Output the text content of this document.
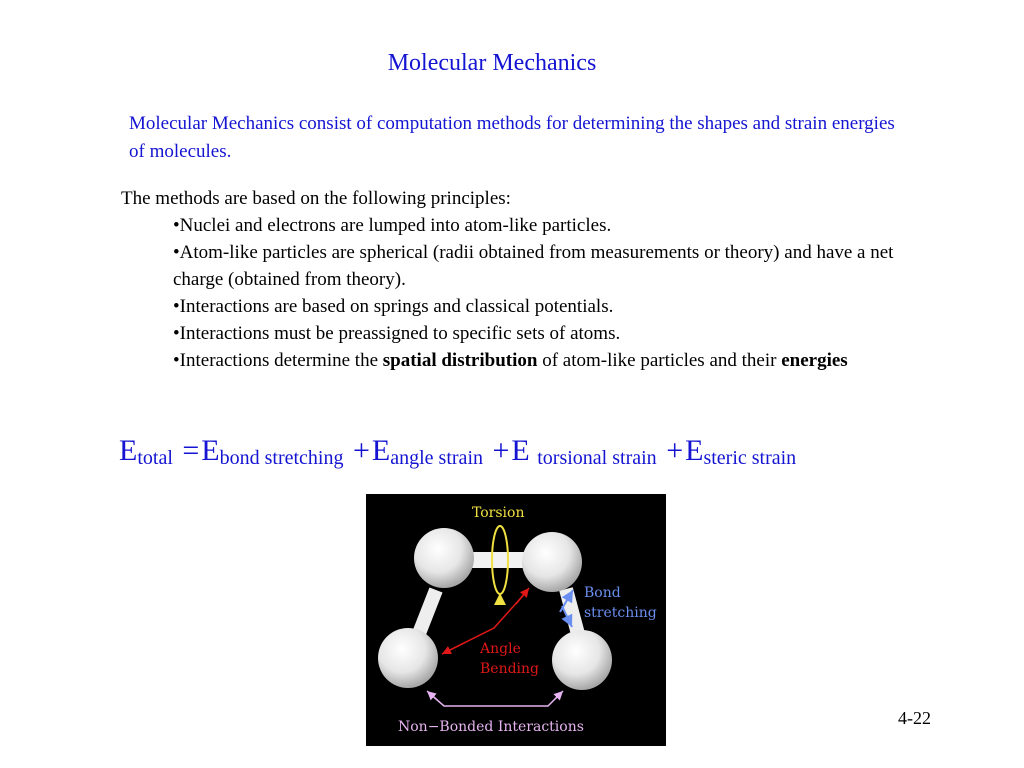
Molecular Mechanics
Molecular Mechanics consist of computation methods for determining the shapes and strain energies of molecules.
The methods are based on the following principles:
•Nuclei and electrons are lumped into atom-like particles.
•Atom-like particles are spherical (radii obtained from measurements or theory) and have a net charge (obtained from theory).
•Interactions are based on springs and classical potentials.
•Interactions must be preassigned to specific sets of atoms.
•Interactions determine the spatial distribution of atom-like particles and their energies
$E_{total} =E_{bond stretching} +E_{angle strain} +E$ $_{torsional strain} +E_{steric strain}$
Torsion
Bond
stretching
Angle
Bending
Non−Bonded Interactions	4-22
